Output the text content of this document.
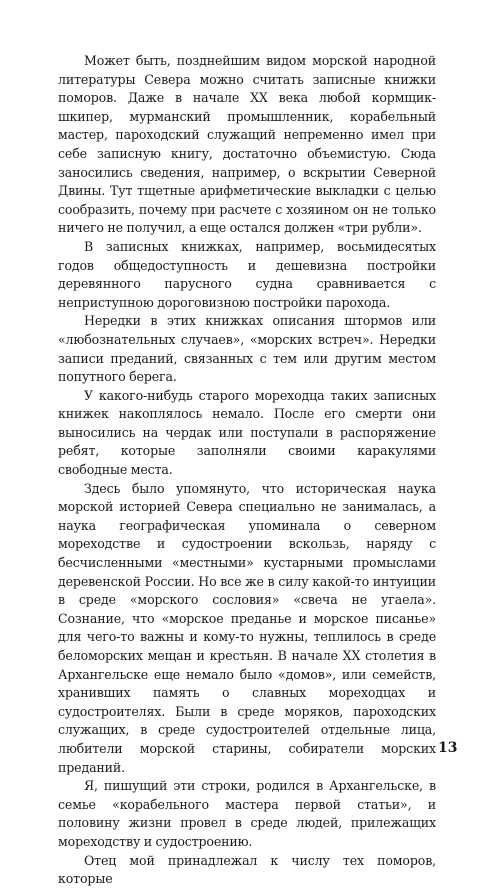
Может быть, позднейшим видом морской народной литературы Севера можно считать записные книжки поморов. Даже в начале XX века любой кормщик-шкипер, мурманский промышленник, корабельный мастер, пароходский служащий непременно имел при себе записную книгу, достаточно объемистую. Сюда заносились сведения, например, о вскрытии Северной Двины. Тут тщетные арифметические выкладки с целью сообразить, почему при расчете с хозяином он не только ничего не получил, а еще остался должен «три рубли».

В записных книжках, например, восьмидесятых годов общедоступность и дешевизна постройки деревянного парусного судна сравнивается с неприступною дороговизною постройки парохода.

Нередки в этих книжках описания штормов или «любознательных случаев», «морских встреч». Нередки записи преданий, связанных с тем или другим местом попутного берега.

У какого-нибудь старого мореходца таких записных книжек накоплялось немало. После его смерти они выносились на чердак или поступали в распоряжение ребят, которые заполняли своими каракулями свободные места.

Здесь было упомянуто, что историческая наука морской историей Севера специально не занималась, а наука географическая упоминала о северном мореходстве и судостроении вскользь, наряду с бесчисленными «местными» кустарными промыслами деревенской России. Но все же в силу какой-то интуиции в среде «морского сословия» «свеча не угаела». Сознание, что «морское преданье и морское писанье» для чего-то важны и кому-то нужны, теплилось в среде беломорских мещан и крестьян. В начале XX столетия в Архангельске еще немало было «домов», или семейств, хранивших память о славных мореходцах и судостроителях. Были в среде моряков, пароходских служащих, в среде судостроителей отдельные лица, любители морской старины, собиратели морских преданий.

Я, пишущий эти строки, родился в Архангельске, в семье «корабельного мастера первой статьи», и половину жизни провел в среде людей, прилежащих мореходству и судостроению.

Отец мой принадлежал к числу тех поморов, которые

13
